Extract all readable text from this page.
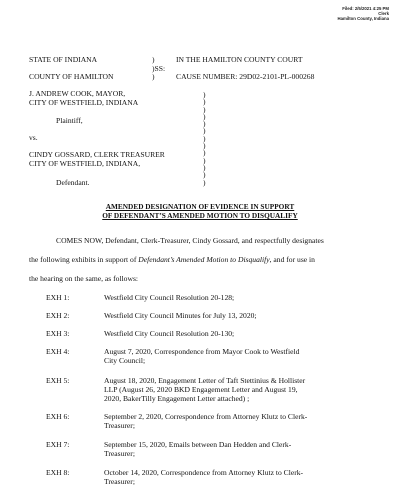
Filed: 2/5/2021 4:25 PM
Clerk
Hamilton County, Indiana
STATE OF INDIANA	)
)SS:
COUNTY OF HAMILTON	)
IN THE HAMILTON COUNTY COURT
CAUSE NUMBER: 29D02-2101-PL-000268
J. ANDREW COOK, MAYOR,
CITY OF WESTFIELD, INDIANA
Plaintiff,
vs.
CINDY GOSSARD, CLERK TREASURER
CITY OF WESTFIELD, INDIANA,
Defendant.
)
)
)
)
)
)
)
)
)
)
)
)
)
AMENDED DESIGNATION OF EVIDENCE IN SUPPORT
OF DEFENDANT’S AMENDED MOTION TO DISQUALIFY
COMES NOW, Defendant, Clerk-Treasurer, Cindy Gossard, and respectfully designates
the following exhibits in support of Defendant’s Amended Motion to Disqualify, and for use in
the hearing on the same, as follows:
EXH 1:	Westfield City Council Resolution 20-128;
EXH 2:	Westfield City Council Minutes for July 13, 2020;
EXH 3:	Westfield City Council Resolution 20-130;
EXH 4:	August 7, 2020, Correspondence from Mayor Cook to Westfield
City Council;
EXH 5:	August 18, 2020, Engagement Letter of Taft Stettinius & Hollister
LLP (August 26, 2020 BKD Engagement Letter and August 19,
2020, BakerTilly Engagement Letter attached) ;
EXH 6:	September 2, 2020, Correspondence from Attorney Klutz to Clerk-
Treasurer;
EXH 7:	September 15, 2020, Emails between Dan Hedden and Clerk-
Treasurer;
EXH 8:	October 14, 2020, Correspondence from Attorney Klutz to Clerk-
Treasurer;
